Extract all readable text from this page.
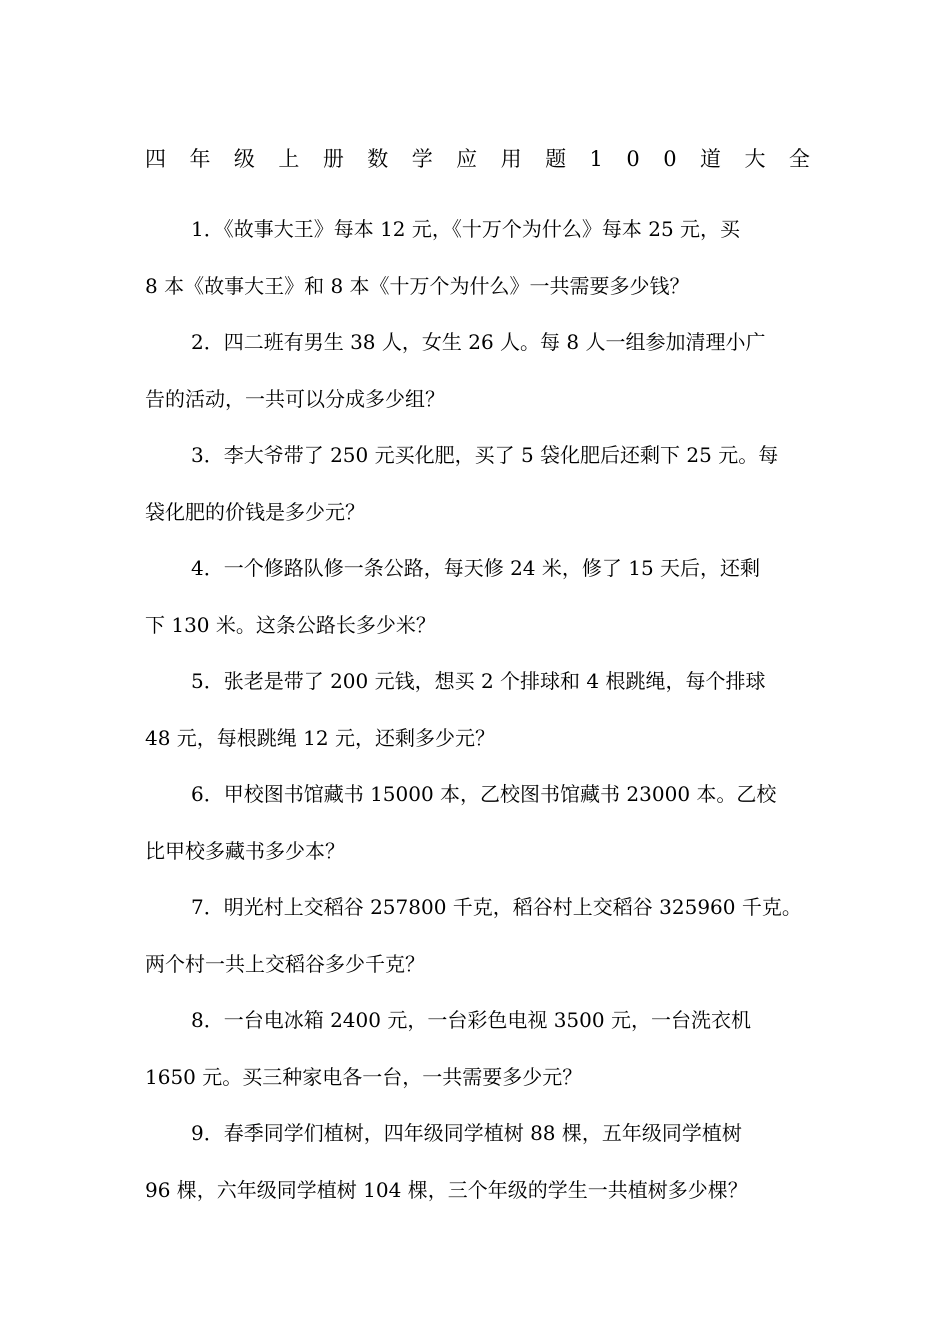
四 年 级 上 册 数 学 应 用 题 1 0 0 道 大 全
1．《故事大王》每本 12 元，《十万个为什么》每本 25 元，买
8 本《故事大王》和 8 本《十万个为什么》一共需要多少钱？
2．四二班有男生 38 人，女生 26 人。每 8 人一组参加清理小广
告的活动，一共可以分成多少组？
3．李大爷带了 250 元买化肥，买了 5 袋化肥后还剩下 25 元。每
袋化肥的价钱是多少元？
4．一个修路队修一条公路，每天修 24 米，修了 15 天后，还剩
下 130 米。这条公路长多少米？
5．张老是带了 200 元钱，想买 2 个排球和 4 根跳绳，每个排球
48 元，每根跳绳 12 元，还剩多少元？
6．甲校图书馆藏书 15000 本，乙校图书馆藏书 23000 本。乙校
比甲校多藏书多少本？
7．明光村上交稻谷 257800 千克，稻谷村上交稻谷 325960 千克。
两个村一共上交稻谷多少千克？
8．一台电冰箱 2400 元，一台彩色电视 3500 元，一台洗衣机
1650 元。买三种家电各一台，一共需要多少元？
9．春季同学们植树，四年级同学植树 88 棵，五年级同学植树
96 棵，六年级同学植树 104 棵，三个年级的学生一共植树多少棵？
